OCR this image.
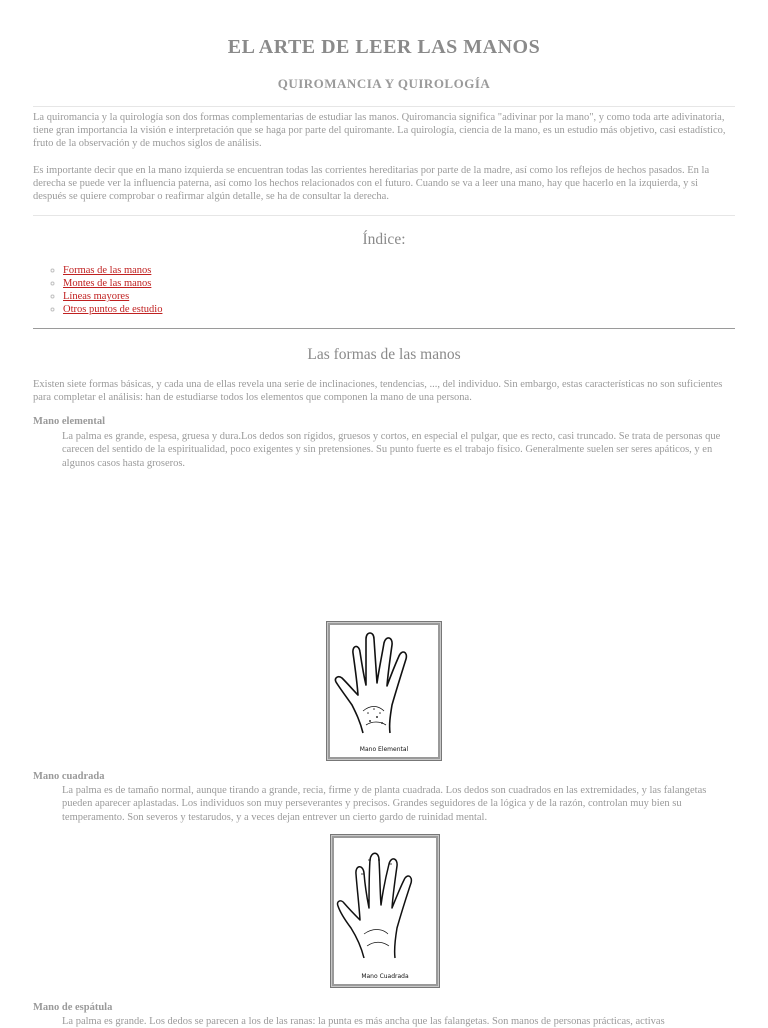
EL ARTE DE LEER LAS MANOS
QUIROMANCIA Y QUIROLOGÍA

La quiromancia y la quirología son dos formas complementarias de estudiar las manos. Quiromancia significa "adivinar por la mano", y como toda arte adivinatoria, tiene gran importancia la visión e interpretación que se haga por parte del quiromante. La quirología, ciencia de la mano, es un estudio más objetivo, casi estadístico, fruto de la observación y de muchos siglos de análisis.

Es importante decir que en la mano izquierda se encuentran todas las corrientes hereditarias por parte de la madre, así como los reflejos de hechos pasados. En la derecha se puede ver la influencia paterna, así como los hechos relacionados con el futuro. Cuando se va a leer una mano, hay que hacerlo en la izquierda, y si después se quiere comprobar o reafirmar algún detalle, se ha de consultar la derecha.

Índice:
◦ Formas de las manos
◦ Montes de las manos
◦ Líneas mayores
◦ Otros puntos de estudio
Las formas de las manos

Existen siete formas básicas, y cada una de ellas revela una serie de inclinaciones, tendencias, ..., del individuo. Sin embargo, estas características no son suficientes para completar el análisis: han de estudiarse todos los elementos que componen la mano de una persona.

Mano elemental
La palma es grande, espesa, gruesa y dura.Los dedos son rígidos, gruesos y cortos, en especial el pulgar, que es recto, casi truncado. Se trata de personas que carecen del sentido de la espiritualidad, poco exigentes y sin pretensiones. Su punto fuerte es el trabajo físico. Generalmente suelen ser seres apáticos, y en algunos casos hasta groseros.
Mano Elemental
Mano cuadrada
La palma es de tamaño normal, aunque tirando a grande, recia, firme y de planta cuadrada. Los dedos son cuadrados en las extremidades, y las falangetas pueden aparecer aplastadas. Los individuos son muy perseverantes y precisos. Grandes seguidores de la lógica y de la razón, controlan muy bien su temperamento. Son severos y testarudos, y a veces dejan entrever un cierto gardo de ruinidad mental.
Mano Cuadrada
Mano de espátula
La palma es grande. Los dedos se parecen a los de las ranas: la punta es más ancha que las falangetas. Son manos de personas prácticas, activas
